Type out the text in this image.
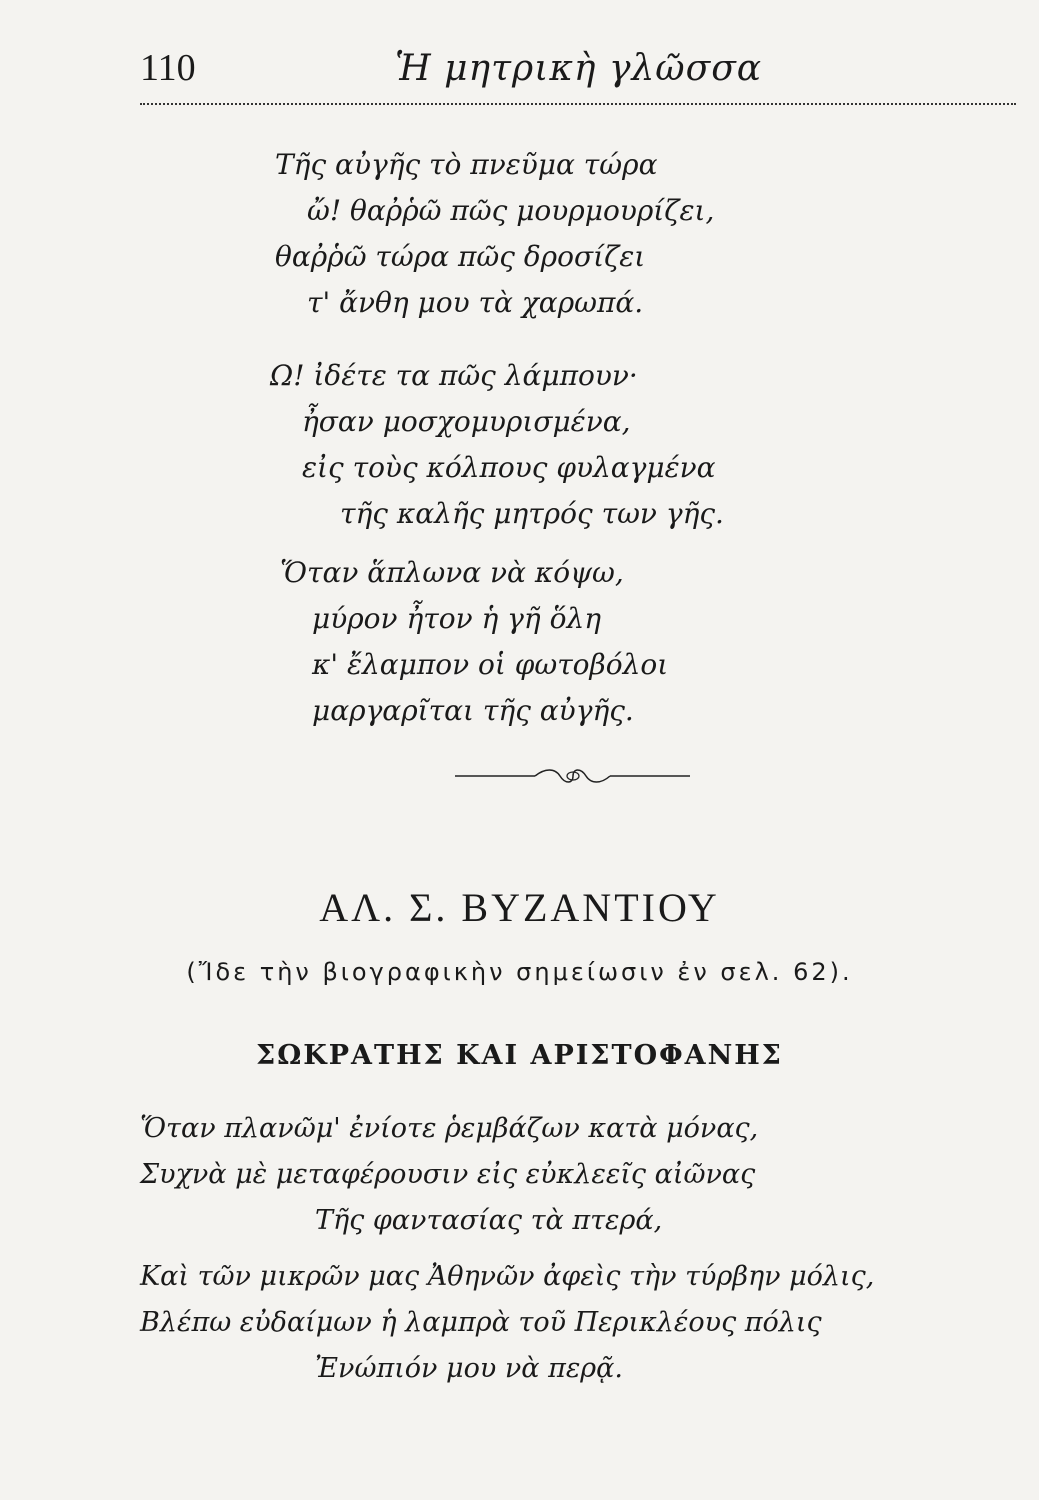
110	Ἡ μητρικὴ γλῶσσα
Τῆς αὐγῆς τὸ πνεῦμα τώρα
ὤ! θαῤῥῶ πῶς μουρμουρίζει,
θαῤῥῶ τώρα πῶς δροσίζει
τ' ἄνθη μου τὰ χαρωπά.
Ω! ἰδέτε τα πῶς λάμπουν·
ἦσαν μοσχομυρισμένα,
εἰς τοὺς κόλπους φυλαγμένα
τῆς καλῆς μητρός των γῆς.
Ὅταν ἅπλωνα νὰ κόψω,
μύρον ἦτον ἡ γῆ ὅλη
κ' ἔλαμπον οἱ φωτοβόλοι
μαργαρῖται τῆς αὐγῆς.
ΑΛ. Σ. ΒΥΖΑΝΤΙΟΥ
(Ἴδε τὴν βιογραφικὴν σημείωσιν ἐν σελ. 62).
ΣΩΚΡΑΤΗΣ ΚΑΙ ΑΡΙΣΤΟΦΑΝΗΣ
Ὅταν πλανῶμ' ἐνίοτε ῥεμβάζων κατὰ μόνας,
Συχνὰ μὲ μεταφέρουσιν εἰς εὐκλεεῖς αἰῶνας
Τῆς φαντασίας τὰ πτερά,
Καὶ τῶν μικρῶν μας Ἀθηνῶν ἀφεὶς τὴν τύρβην μόλις,
Βλέπω εὐδαίμων ἡ λαμπρὰ τοῦ Περικλέους πόλις
Ἐνώπιόν μου νὰ περᾷ.
